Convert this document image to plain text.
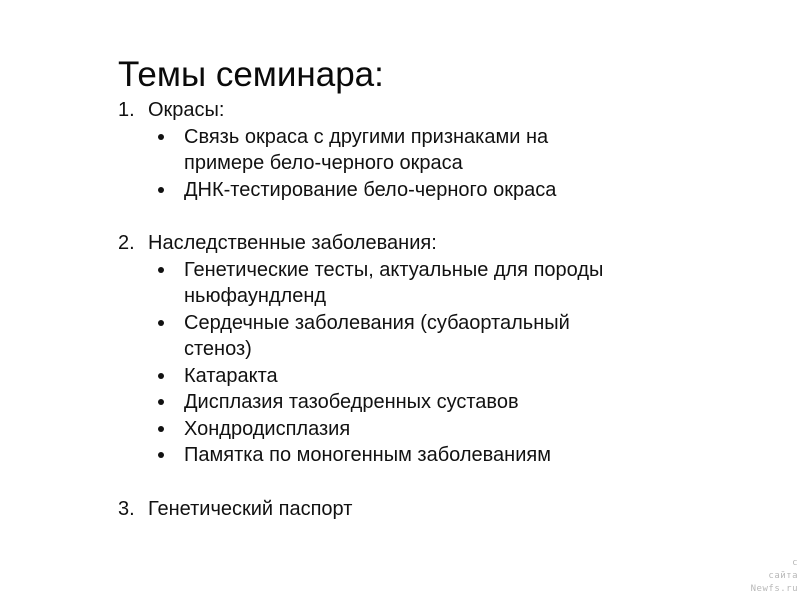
Темы семинара:
1. Окрасы:
Связь окраса с другими признаками на примере бело-черного окраса
ДНК-тестирование бело-черного окраса
2. Наследственные заболевания:
Генетические тесты, актуальные для породы ньюфаундленд
Сердечные заболевания (субаортальный стеноз)
Катаракта
Дисплазия тазобедренных суставов
Хондродисплазия
Памятка по моногенным заболеваниям
3. Генетический паспорт
с
сайта
Newfs.ru
